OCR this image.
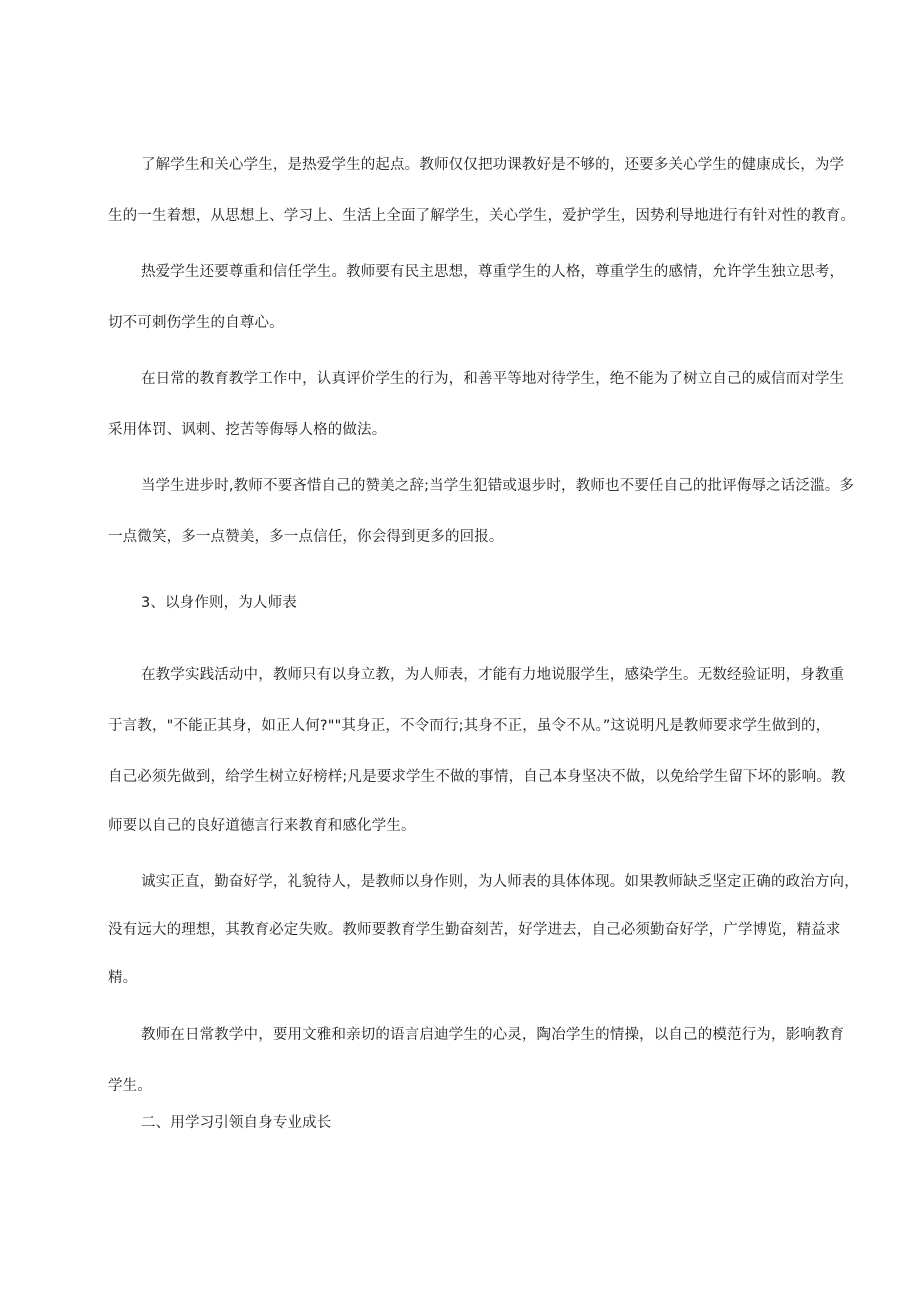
了解学生和关心学生，是热爱学生的起点。教师仅仅把功课教好是不够的，还要多关心学生的健康成长，为学
生的一生着想，从思想上、学习上、生活上全面了解学生，关心学生，爱护学生，因势利导地进行有针对性的教育。
热爱学生还要尊重和信任学生。教师要有民主思想，尊重学生的人格，尊重学生的感情，允许学生独立思考，
切不可刺伤学生的自尊心。
在日常的教育教学工作中，认真评价学生的行为，和善平等地对待学生，绝不能为了树立自己的威信而对学生
采用体罚、讽刺、挖苦等侮辱人格的做法。
当学生进步时,教师不要吝惜自己的赞美之辞;当学生犯错或退步时，教师也不要任自己的批评侮辱之话泛滥。多
一点微笑，多一点赞美，多一点信任，你会得到更多的回报。
3、以身作则，为人师表
在教学实践活动中，教师只有以身立教，为人师表，才能有力地说服学生，感染学生。无数经验证明，身教重
于言教，"不能正其身，如正人何?""其身正，不令而行;其身不正，虽令不从。”这说明凡是教师要求学生做到的，
自己必须先做到，给学生树立好榜样;凡是要求学生不做的事情，自己本身坚决不做，以免给学生留下坏的影响。教
师要以自己的良好道德言行来教育和感化学生。
诚实正直，勤奋好学，礼貌待人，是教师以身作则，为人师表的具体体现。如果教师缺乏坚定正确的政治方向，
没有远大的理想，其教育必定失败。教师要教育学生勤奋刻苦，好学进去，自己必须勤奋好学，广学博览，精益求
精。
教师在日常教学中，要用文雅和亲切的语言启迪学生的心灵，陶冶学生的情操，以自己的模范行为，影响教育
学生。
二、用学习引领自身专业成长
